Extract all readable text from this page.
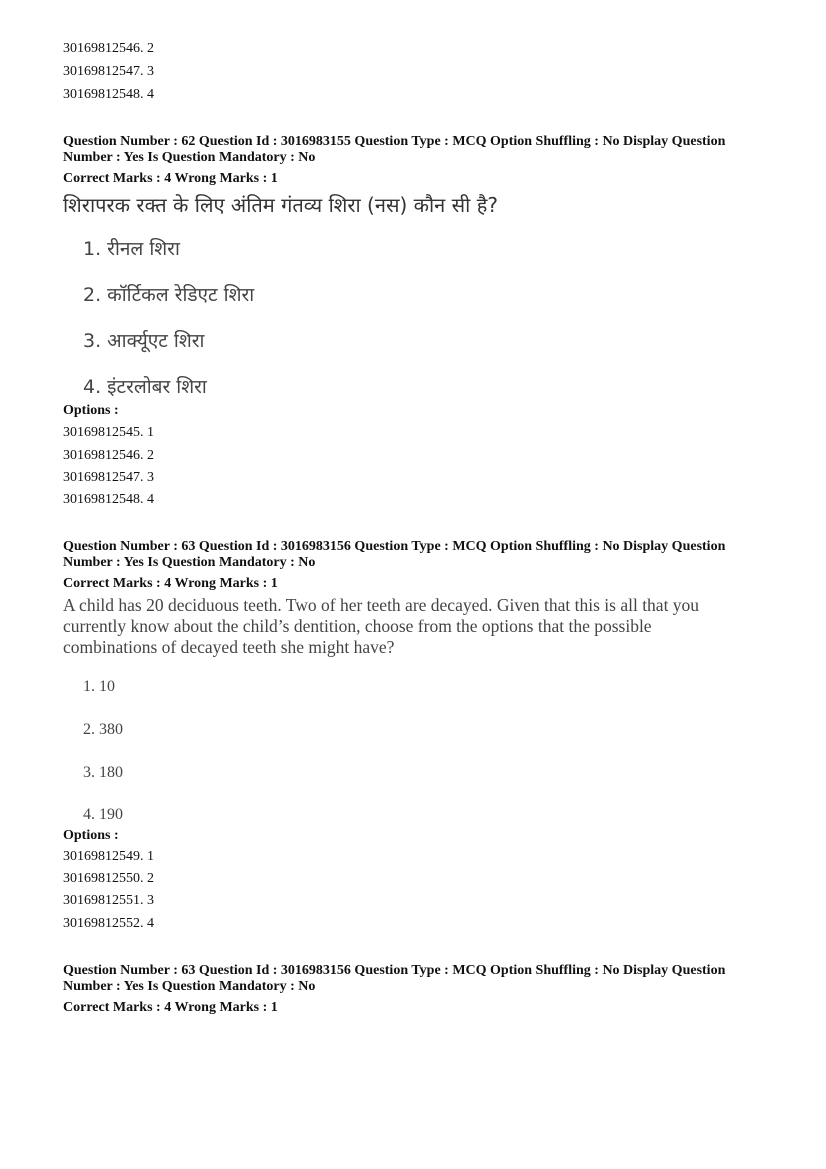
30169812546. 2
30169812547. 3
30169812548. 4

Question Number : 62 Question Id : 3016983155 Question Type : MCQ Option Shuffling : No Display Question

Number : Yes Is Question Mandatory : No

Correct Marks : 4 Wrong Marks : 1
शिरापरक रक्त के लिए अंतिम गंतव्य शिरा (नस) कौन सी है?
1. रीनल शिरा
2. कॉर्टिकल रेडिएट शिरा
3. आर्क्यूएट शिरा
4. इंटरलोबर शिरा
Options :
30169812545. 1
30169812546. 2
30169812547. 3
30169812548. 4

Question Number : 63 Question Id : 3016983156 Question Type : MCQ Option Shuffling : No Display Question

Number : Yes Is Question Mandatory : No

Correct Marks : 4 Wrong Marks : 1
A child has 20 deciduous teeth. Two of her teeth are decayed. Given that this is all that you
currently know about the child’s dentition, choose from the options that the possible
combinations of decayed teeth she might have?
1. 10
2. 380
3. 180
4. 190
Options :
30169812549. 1
30169812550. 2
30169812551. 3
30169812552. 4

Question Number : 63 Question Id : 3016983156 Question Type : MCQ Option Shuffling : No Display Question

Number : Yes Is Question Mandatory : No

Correct Marks : 4 Wrong Marks : 1
